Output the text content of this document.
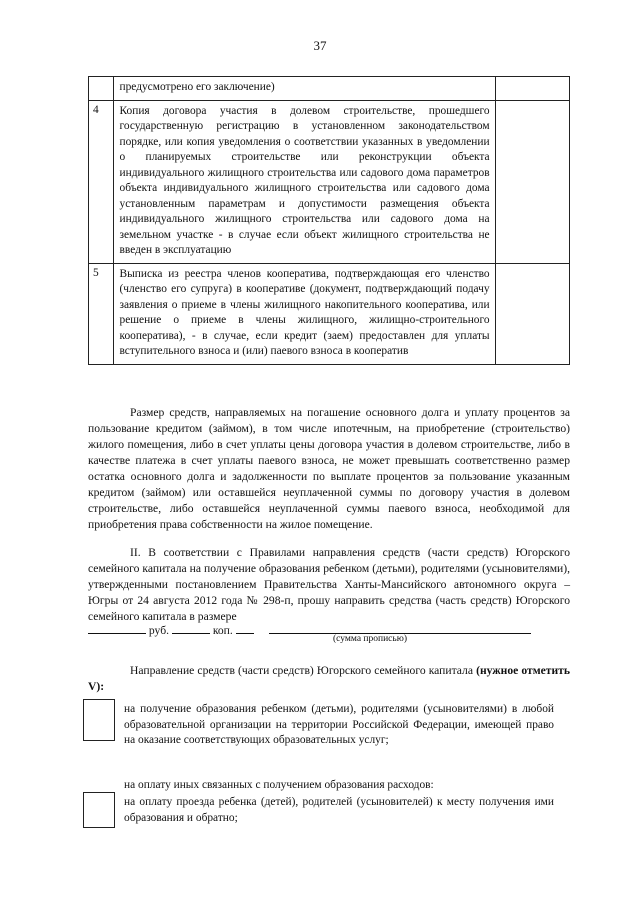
37
	предусмотрено его заключение)	
4	Копия договора участия в долевом строительстве, прошедшего государственную регистрацию в установленном законодательством порядке, или копия уведомления о соответствии указанных в уведомлении о планируемых строительстве или реконструкции объекта индивидуального жилищного строительства или садового дома параметров объекта индивидуального жилищного строительства или садового дома установленным параметрам и допустимости размещения объекта индивидуального жилищного строительства или садового дома на земельном участке - в случае если объект жилищного строительства не введен в эксплуатацию	
5	Выписка из реестра членов кооператива, подтверждающая его членство (членство его супруга) в кооперативе (документ, подтверждающий подачу заявления о приеме в члены жилищного накопительного кооператива, или решение о приеме в члены жилищного, жилищно-строительного кооператива), - в случае, если кредит (заем) предоставлен для уплаты вступительного взноса и (или) паевого взноса в кооператив	

Размер средств, направляемых на погашение основного долга и уплату процентов за пользование кредитом (займом), в том числе ипотечным, на приобретение (строительство) жилого помещения, либо в счет уплаты цены договора участия в долевом строительстве, либо в качестве платежа в счет уплаты паевого взноса, не может превышать соответственно размер остатка основного долга и задолженности по выплате процентов за пользование указанным кредитом (займом) или оставшейся неуплаченной суммы по договору участия в долевом строительстве, либо оставшейся неуплаченной суммы паевого взноса, необходимой для приобретения права собственности на жилое помещение.

II. В соответствии с Правилами направления средств (части средств) Югорского семейного капитала на получение образования ребенком (детьми), родителями (усыновителями), утвержденными постановлением Правительства Ханты-Мансийского автономного округа – Югры от 24 августа 2012 года № 298-п, прошу направить средства (часть средств) Югорского семейного капитала в размере

руб.	коп.
(сумма прописью)

Направление средств (части средств) Югорского семейного капитала (нужное отметить V):

на получение образования ребенком (детьми), родителями (усыновителями) в любой образовательной организации на территории Российской Федерации, имеющей право на оказание соответствующих образовательных услуг;

на оплату иных связанных с получением образования расходов:

на оплату проезда ребенка (детей), родителей (усыновителей) к месту получения ими образования и обратно;
